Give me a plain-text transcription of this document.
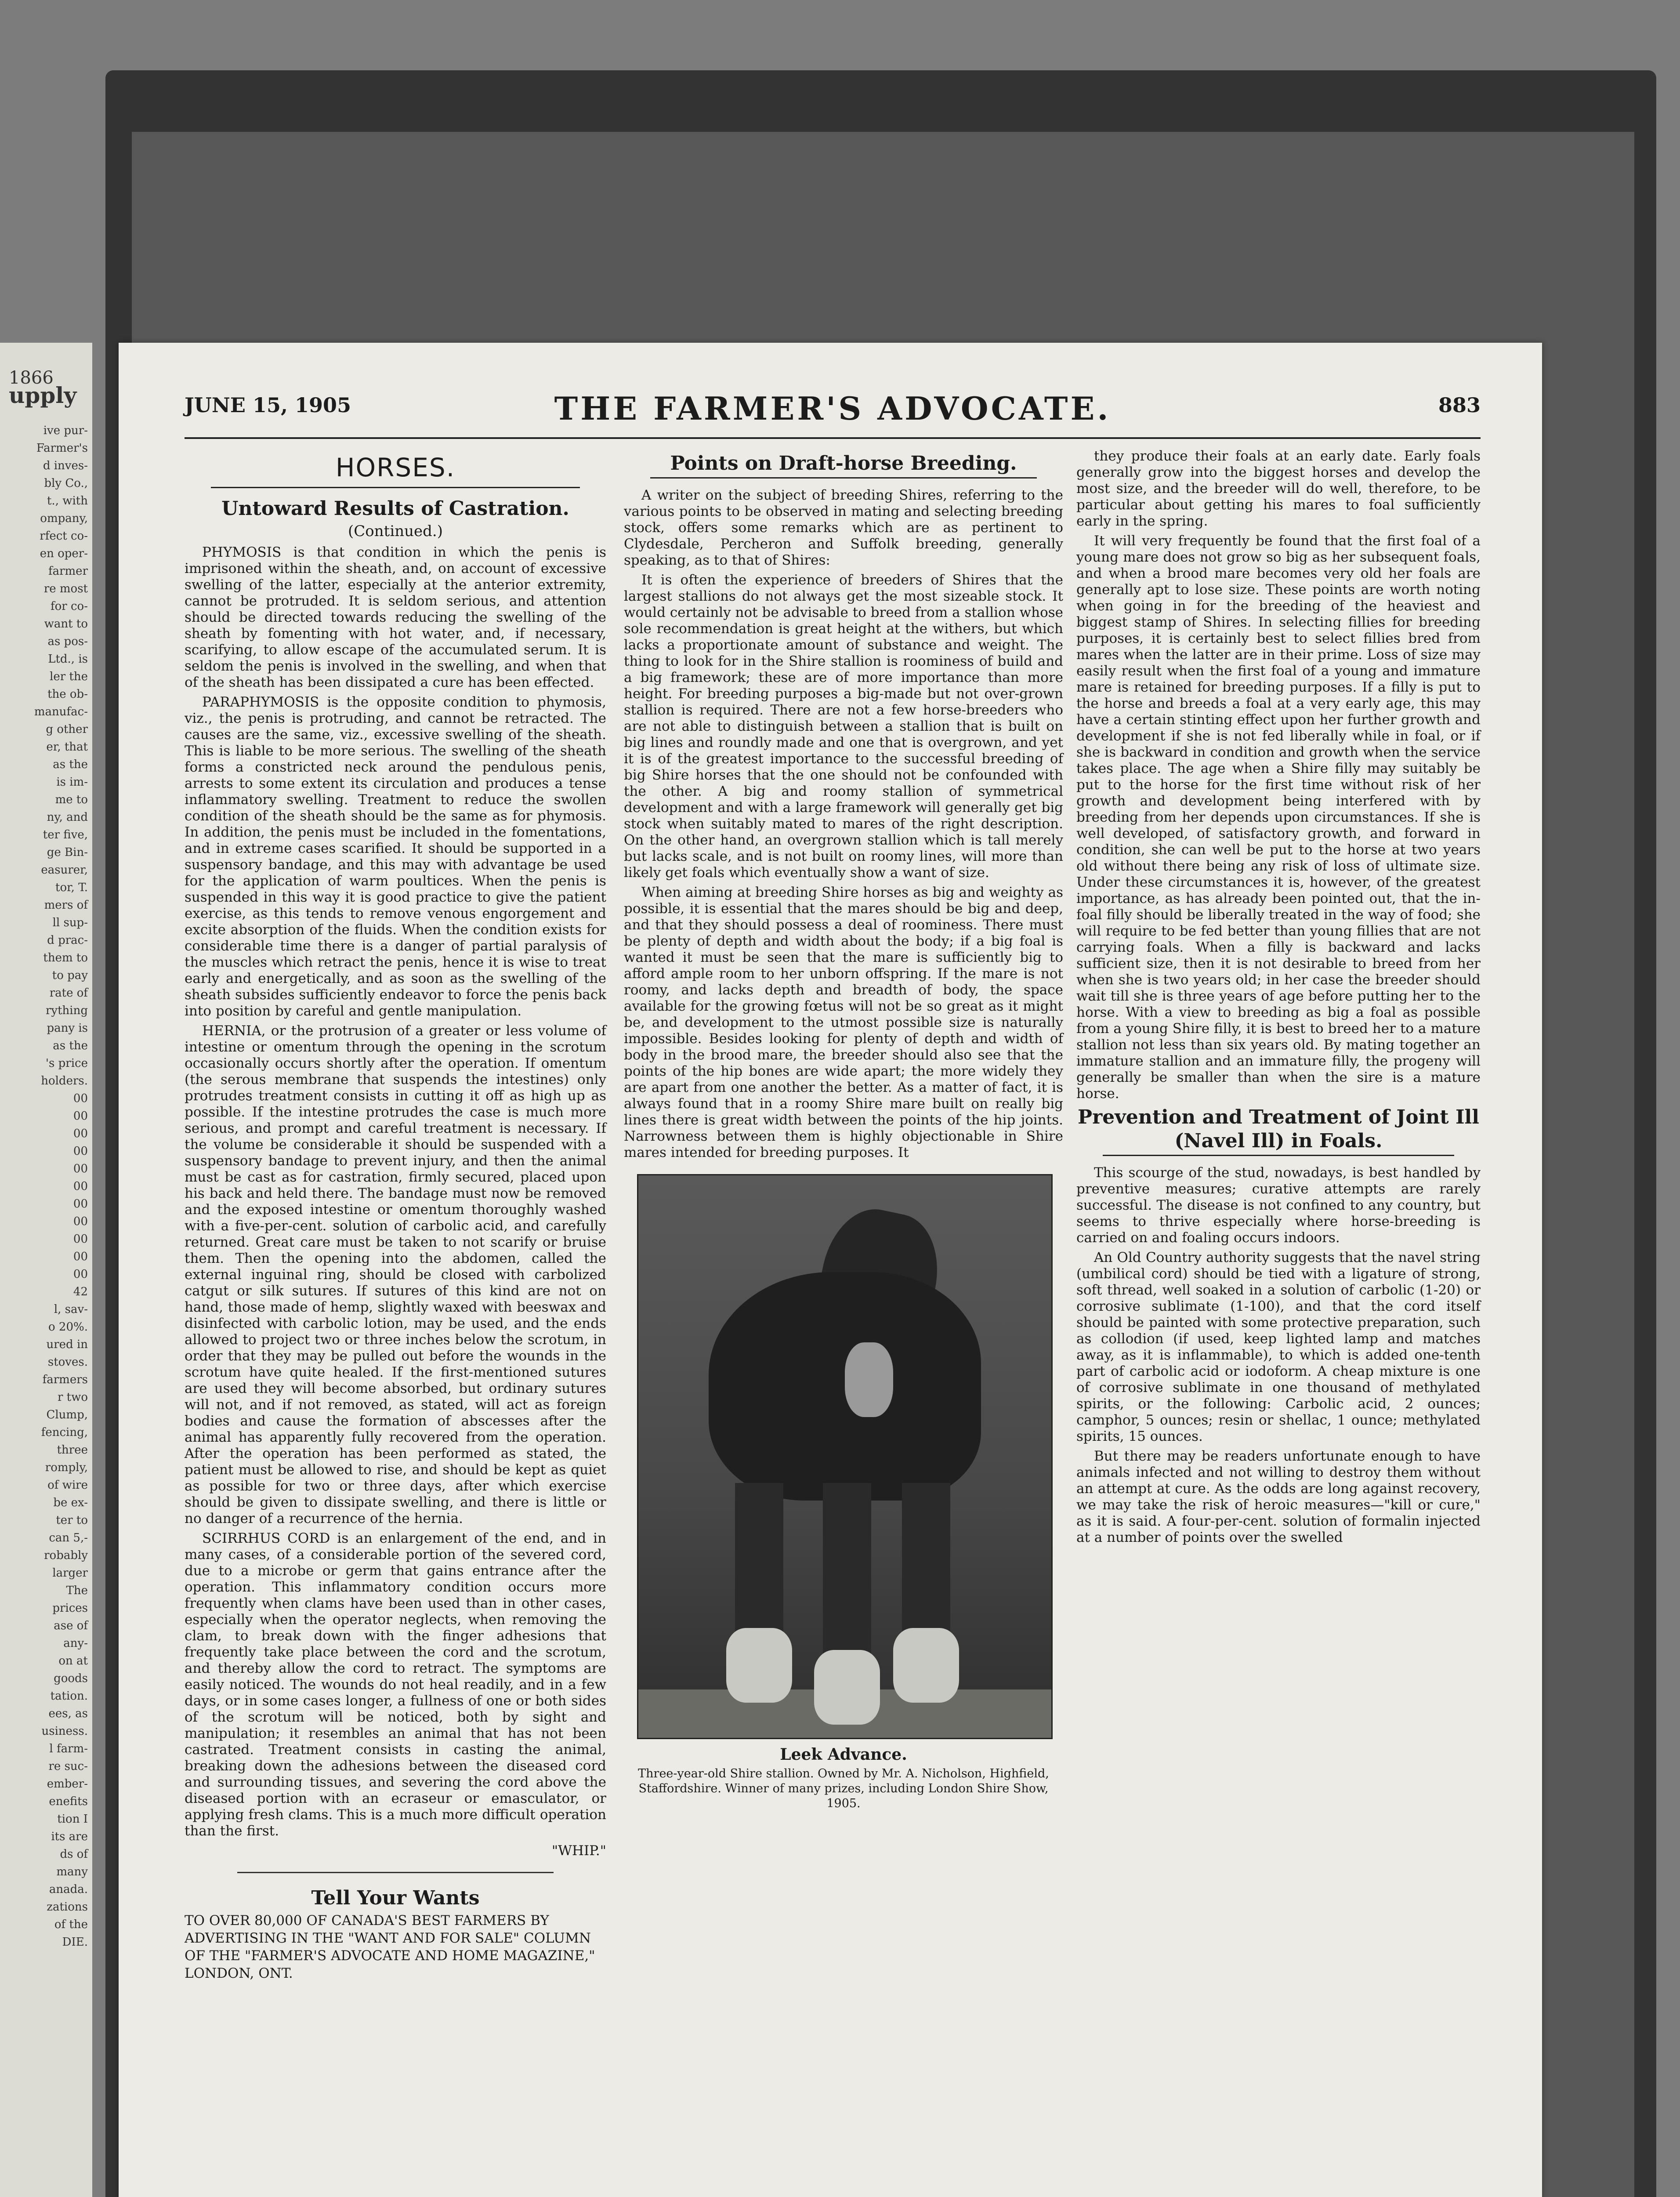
1866

upply

ive pur-

Farmer's

d inves-

bly Co.,

t., with

ompany,

rfect co-

en oper-

farmer

re most

for co-

want to

as pos-

Ltd., is

ler the

the ob-

manufac-

g other

er, that

as the

is im-

me to

ny, and

ter five,

ge Bin-

easurer,

tor, T.

mers of

ll sup-

d prac-

them to

to pay

rate of

rything

pany is

as the

's price

holders.

00

00

00

00

00

00

00

00

00

00

00

42

l, sav-

o 20%.

ured in

stoves.

farmers

r two

Clump,

fencing,

three

romply,

of wire

be ex-

ter to

can 5,-

robably

larger

The

prices

ase of

any-

on at

goods

tation.

ees, as

usiness.

l farm-

re suc-

ember-

enefits

tion I

its are

ds of

many

anada.

zations

of the

DIE.

JUNE 15, 1905	THE FARMER'S ADVOCATE.	883
HORSES.
Untoward Results of Castration.
(Continued.)

PHYMOSIS is that condition in which the penis is imprisoned within the sheath, and, on account of excessive swelling of the latter, especially at the anterior extremity, cannot be protruded. It is seldom serious, and attention should be directed towards reducing the swelling of the sheath by fomenting with hot water, and, if necessary, scarifying, to allow escape of the accumulated serum. It is seldom the penis is involved in the swelling, and when that of the sheath has been dissipated a cure has been effected.

PARAPHYMOSIS is the opposite condition to phymosis, viz., the penis is protruding, and cannot be retracted. The causes are the same, viz., excessive swelling of the sheath. This is liable to be more serious. The swelling of the sheath forms a constricted neck around the pendulous penis, arrests to some extent its circulation and produces a tense inflammatory swelling. Treatment to reduce the swollen condition of the sheath should be the same as for phymosis. In addition, the penis must be included in the fomentations, and in extreme cases scarified. It should be supported in a suspensory bandage, and this may with advantage be used for the application of warm poultices. When the penis is suspended in this way it is good practice to give the patient exercise, as this tends to remove venous engorgement and excite absorption of the fluids. When the condition exists for considerable time there is a danger of partial paralysis of the muscles which retract the penis, hence it is wise to treat early and energetically, and as soon as the swelling of the sheath subsides sufficiently endeavor to force the penis back into position by careful and gentle manipulation.

HERNIA, or the protrusion of a greater or less volume of intestine or omentum through the opening in the scrotum occasionally occurs shortly after the operation. If omentum (the serous membrane that suspends the intestines) only protrudes treatment consists in cutting it off as high up as possible. If the intestine protrudes the case is much more serious, and prompt and careful treatment is necessary. If the volume be considerable it should be suspended with a suspensory bandage to prevent injury, and then the animal must be cast as for castration, firmly secured, placed upon his back and held there. The bandage must now be removed and the exposed intestine or omentum thoroughly washed with a five-per-cent. solution of carbolic acid, and carefully returned. Great care must be taken to not scarify or bruise them. Then the opening into the abdomen, called the external inguinal ring, should be closed with carbolized catgut or silk sutures. If sutures of this kind are not on hand, those made of hemp, slightly waxed with beeswax and disinfected with carbolic lotion, may be used, and the ends allowed to project two or three inches below the scrotum, in order that they may be pulled out before the wounds in the scrotum have quite healed. If the first-mentioned sutures are used they will become absorbed, but ordinary sutures will not, and if not removed, as stated, will act as foreign bodies and cause the formation of abscesses after the animal has apparently fully recovered from the operation. After the operation has been performed as stated, the patient must be allowed to rise, and should be kept as quiet as possible for two or three days, after which exercise should be given to dissipate swelling, and there is little or no danger of a recurrence of the hernia.

SCIRRHUS CORD is an enlargement of the end, and in many cases, of a considerable portion of the severed cord, due to a microbe or germ that gains entrance after the operation. This inflammatory condition occurs more frequently when clams have been used than in other cases, especially when the operator neglects, when removing the clam, to break down with the finger adhesions that frequently take place between the cord and the scrotum, and thereby allow the cord to retract. The symptoms are easily noticed. The wounds do not heal readily, and in a few days, or in some cases longer, a fullness of one or both sides of the scrotum will be noticed, both by sight and manipulation; it resembles an animal that has not been castrated. Treatment consists in casting the animal, breaking down the adhesions between the diseased cord and surrounding tissues, and severing the cord above the diseased portion with an ecraseur or emasculator, or applying fresh clams. This is a much more difficult operation than the first.

"WHIP."
Tell Your Wants

TO OVER 80,000 OF CANADA'S BEST FARMERS BY ADVERTISING IN THE "WANT AND FOR SALE" COLUMN OF THE "FARMER'S ADVOCATE AND HOME MAGAZINE," LONDON, ONT.

Points on Draft-horse Breeding.

A writer on the subject of breeding Shires, referring to the various points to be observed in mating and selecting breeding stock, offers some remarks which are as pertinent to Clydesdale, Percheron and Suffolk breeding, generally speaking, as to that of Shires:

It is often the experience of breeders of Shires that the largest stallions do not always get the most sizeable stock. It would certainly not be advisable to breed from a stallion whose sole recommendation is great height at the withers, but which lacks a proportionate amount of substance and weight. The thing to look for in the Shire stallion is roominess of build and a big framework; these are of more importance than more height. For breeding purposes a big-made but not over-grown stallion is required. There are not a few horse-breeders who are not able to distinguish between a stallion that is built on big lines and roundly made and one that is overgrown, and yet it is of the greatest importance to the successful breeding of big Shire horses that the one should not be confounded with the other. A big and roomy stallion of symmetrical development and with a large framework will generally get big stock when suitably mated to mares of the right description. On the other hand, an overgrown stallion which is tall merely but lacks scale, and is not built on roomy lines, will more than likely get foals which eventually show a want of size.

When aiming at breeding Shire horses as big and weighty as possible, it is essential that the mares should be big and deep, and that they should possess a deal of roominess. There must be plenty of depth and width about the body; if a big foal is wanted it must be seen that the mare is sufficiently big to afford ample room to her unborn offspring. If the mare is not roomy, and lacks depth and breadth of body, the space available for the growing fœtus will not be so great as it might be, and development to the utmost possible size is naturally impossible. Besides looking for plenty of depth and width of body in the brood mare, the breeder should also see that the points of the hip bones are wide apart; the more widely they are apart from one another the better. As a matter of fact, it is always found that in a roomy Shire mare built on really big lines there is great width between the points of the hip joints. Narrowness between them is highly objectionable in Shire mares intended for breeding purposes. It

Leek Advance.
Three-year-old Shire stallion. Owned by Mr. A. Nicholson, Highfield, Staffordshire. Winner of many prizes, including London Shire Show, 1905.

they produce their foals at an early date. Early foals generally grow into the biggest horses and develop the most size, and the breeder will do well, therefore, to be particular about getting his mares to foal sufficiently early in the spring.

It will very frequently be found that the first foal of a young mare does not grow so big as her subsequent foals, and when a brood mare becomes very old her foals are generally apt to lose size. These points are worth noting when going in for the breeding of the heaviest and biggest stamp of Shires. In selecting fillies for breeding purposes, it is certainly best to select fillies bred from mares when the latter are in their prime. Loss of size may easily result when the first foal of a young and immature mare is retained for breeding purposes. If a filly is put to the horse and breeds a foal at a very early age, this may have a certain stinting effect upon her further growth and development if she is not fed liberally while in foal, or if she is backward in condition and growth when the service takes place. The age when a Shire filly may suitably be put to the horse for the first time without risk of her growth and development being interfered with by breeding from her depends upon circumstances. If she is well developed, of satisfactory growth, and forward in condition, she can well be put to the horse at two years old without there being any risk of loss of ultimate size. Under these circumstances it is, however, of the greatest importance, as has already been pointed out, that the in-foal filly should be liberally treated in the way of food; she will require to be fed better than young fillies that are not carrying foals. When a filly is backward and lacks sufficient size, then it is not desirable to breed from her when she is two years old; in her case the breeder should wait till she is three years of age before putting her to the horse. With a view to breeding as big a foal as possible from a young Shire filly, it is best to breed her to a mature stallion not less than six years old. By mating together an immature stallion and an immature filly, the progeny will generally be smaller than when the sire is a mature horse.

Prevention and Treatment of Joint Ill (Navel Ill) in Foals.

This scourge of the stud, nowadays, is best handled by preventive measures; curative attempts are rarely successful. The disease is not confined to any country, but seems to thrive especially where horse-breeding is carried on and foaling occurs indoors.

An Old Country authority suggests that the navel string (umbilical cord) should be tied with a ligature of strong, soft thread, well soaked in a solution of carbolic (1-20) or corrosive sublimate (1-100), and that the cord itself should be painted with some protective preparation, such as collodion (if used, keep lighted lamp and matches away, as it is inflammable), to which is added one-tenth part of carbolic acid or iodoform. A cheap mixture is one of corrosive sublimate in one thousand of methylated spirits, or the following: Carbolic acid, 2 ounces; camphor, 5 ounces; resin or shellac, 1 ounce; methylated spirits, 15 ounces.

But there may be readers unfortunate enough to have animals infected and not willing to destroy them without an attempt at cure. As the odds are long against recovery, we may take the risk of heroic measures—"kill or cure," as it is said. A four-per-cent. solution of formalin injected at a number of points over the swelled
